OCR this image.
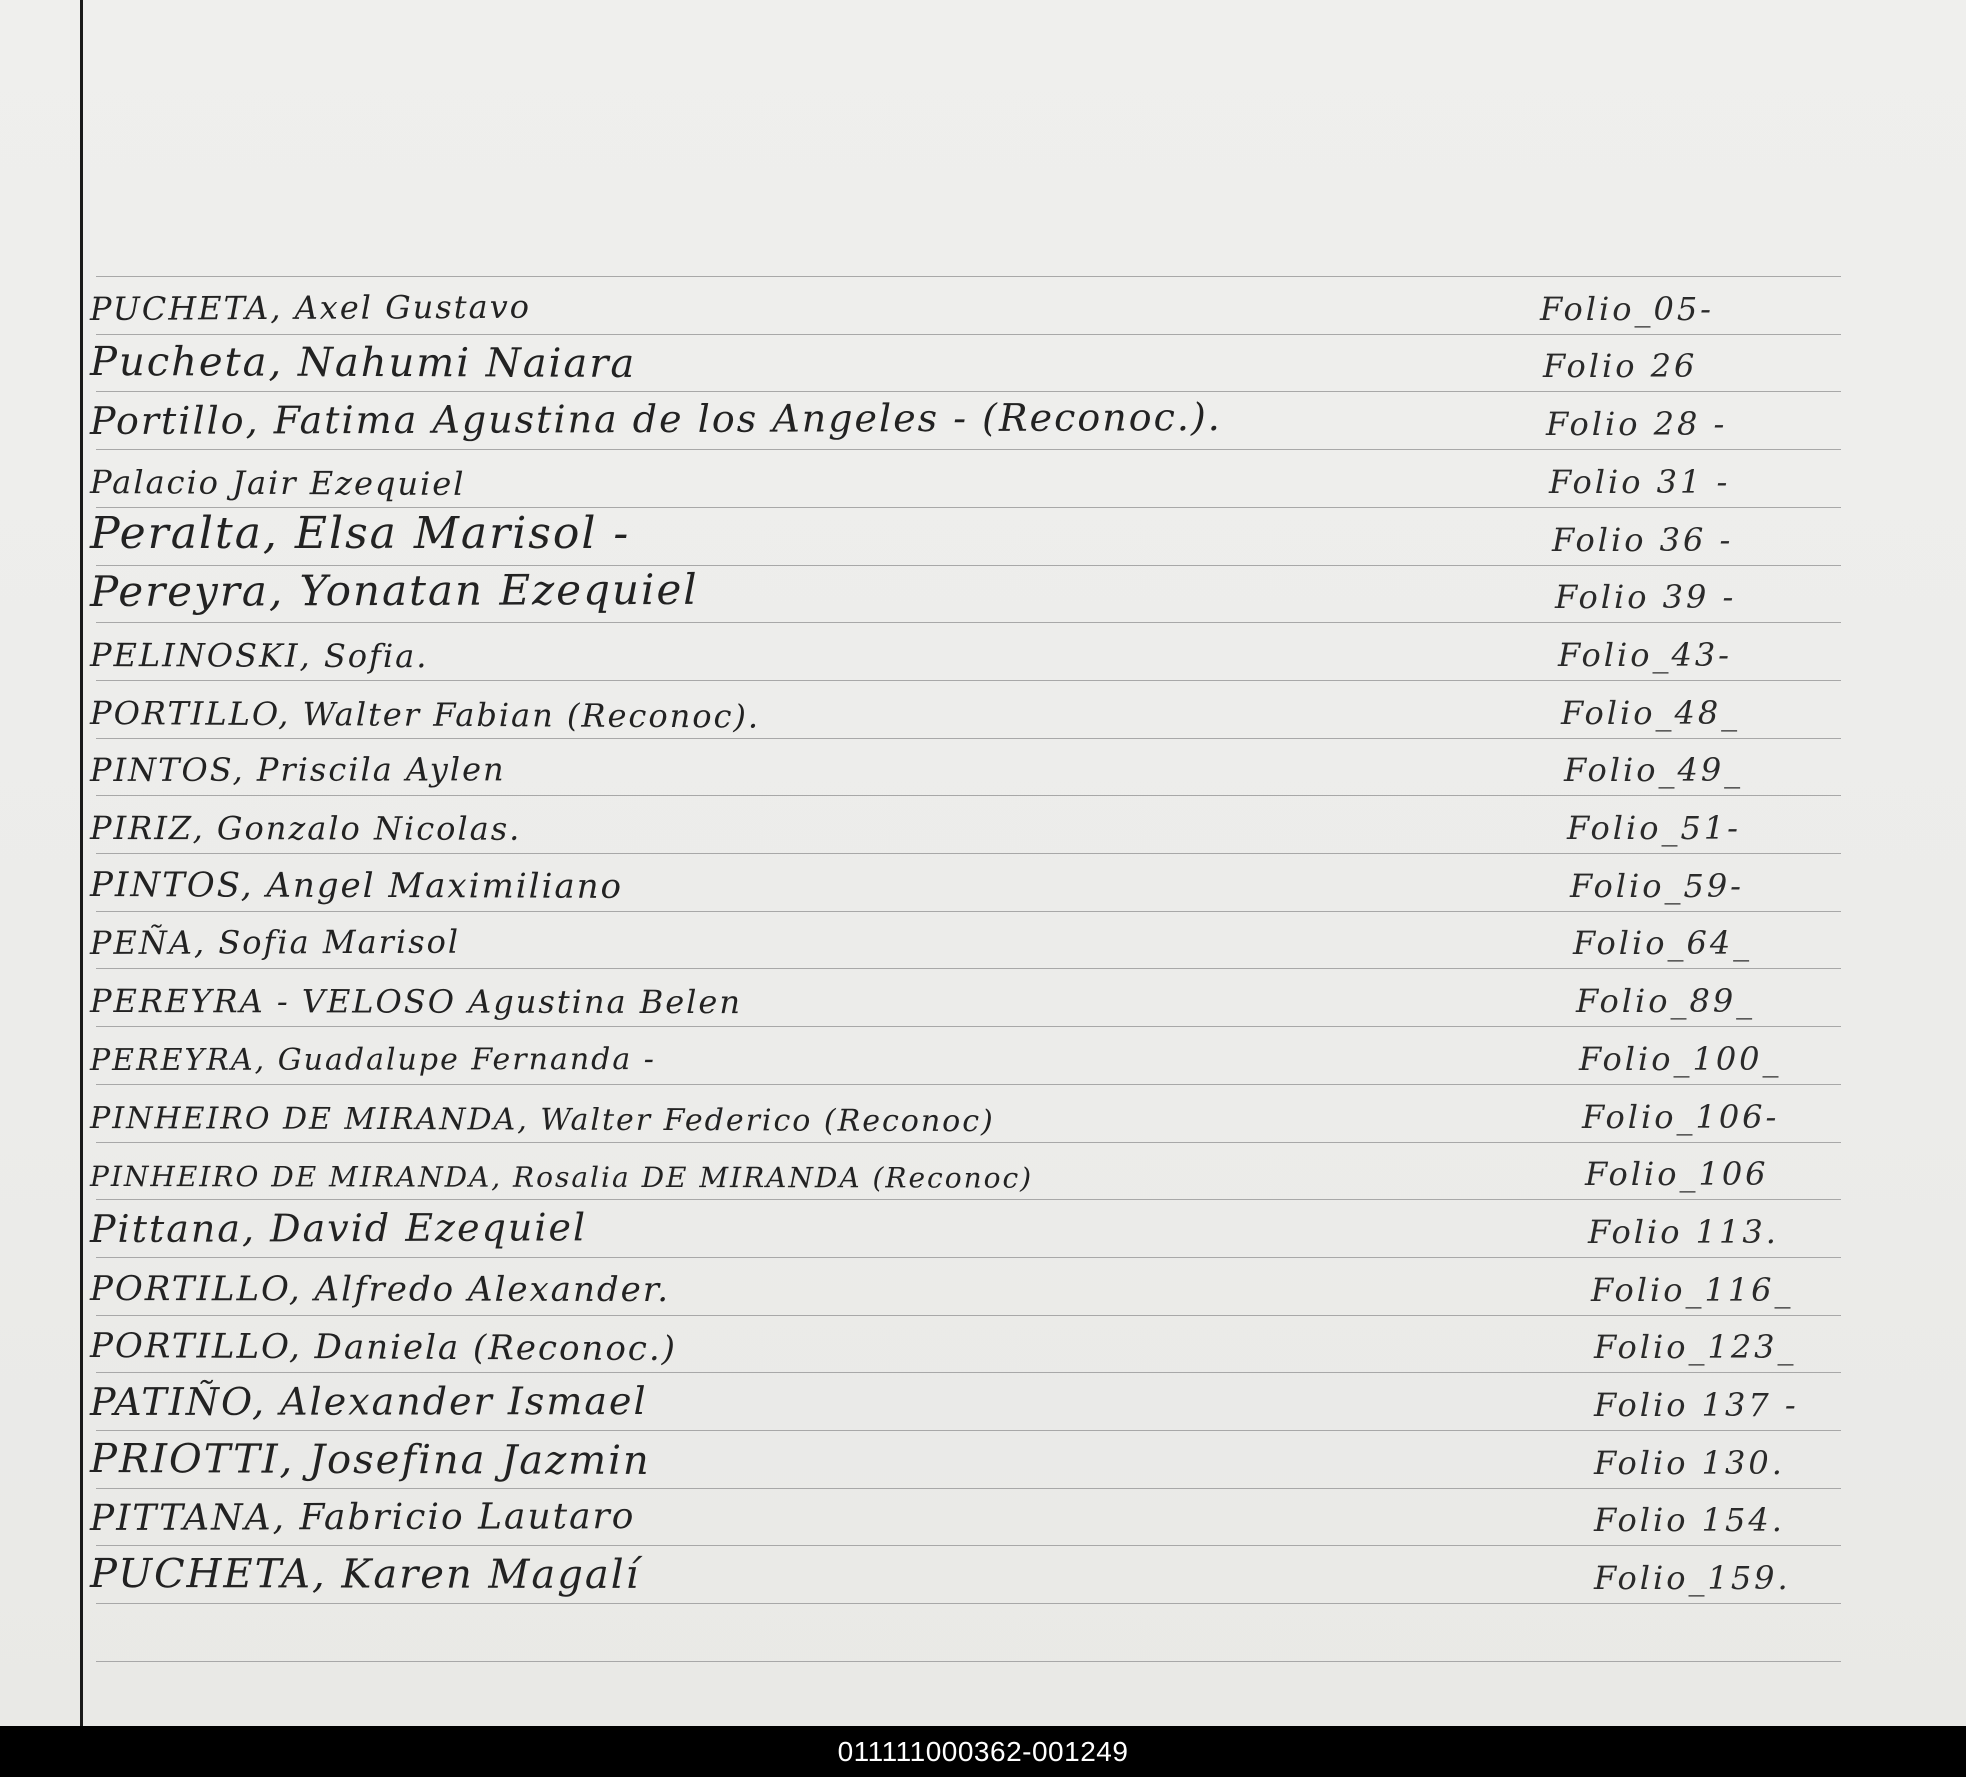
PUCHETA, Axel Gustavo	Folio_05-
Pucheta, Nahumi Naiara	Folio 26
Portillo, Fatima Agustina de los Angeles - (Reconoc.).	Folio 28 -
Palacio Jair Ezequiel	Folio 31 -
Peralta, Elsa Marisol -	Folio 36 -
Pereyra, Yonatan Ezequiel	Folio 39 -
PELINOSKI, Sofia.	Folio_43-
PORTILLO, Walter Fabian (Reconoc).	Folio_48_
PINTOS, Priscila Aylen	Folio_49_
PIRIZ, Gonzalo Nicolas.	Folio_51-
PINTOS, Angel Maximiliano	Folio_59-
PEÑA, Sofia Marisol	Folio_64_
PEREYRA - VELOSO Agustina Belen	Folio_89_
PEREYRA, Guadalupe Fernanda -	Folio_100_
PINHEIRO DE MIRANDA, Walter Federico (Reconoc)	Folio_106-
PINHEIRO DE MIRANDA, Rosalia DE MIRANDA (Reconoc)	Folio_106
Pittana, David Ezequiel	Folio 113.
PORTILLO, Alfredo Alexander.	Folio_116_
PORTILLO, Daniela (Reconoc.)	Folio_123_
PATIÑO, Alexander Ismael	Folio 137 -
PRIOTTI, Josefina Jazmin	Folio 130.
PITTANA, Fabricio Lautaro	Folio 154.
PUCHETA, Karen Magalí	Folio_159.
011111000362-001249
